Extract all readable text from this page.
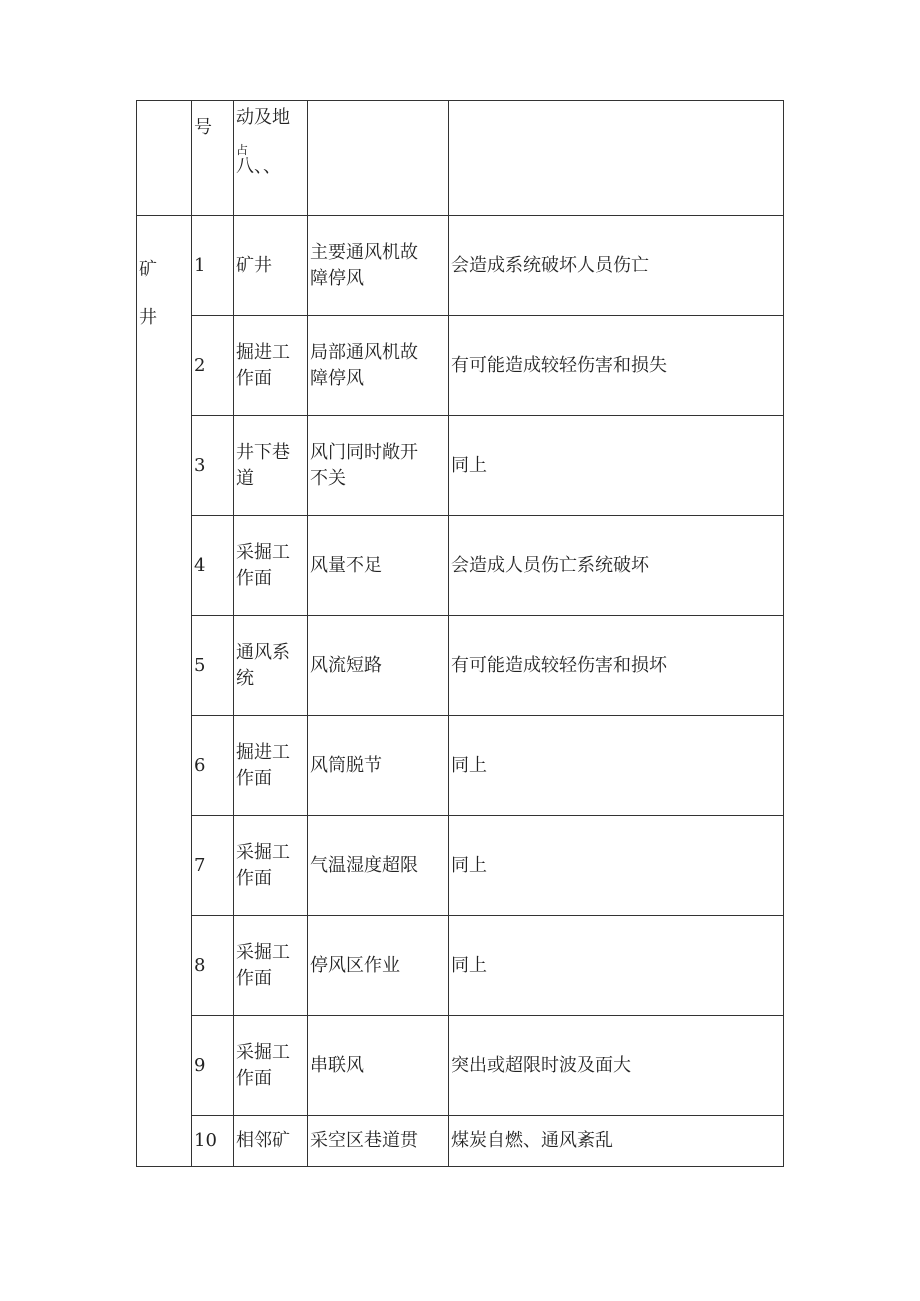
	号	动及地
占
八、、		

矿
井	1	矿井	主要通风机故
障停风	会造成系统破坏人员伤亡
	2	掘进工
作面	局部通风机故
障停风	有可能造成较轻伤害和损失
	3	井下巷
道	风门同时敞开
不关	同上
	4	采掘工
作面	风量不足	会造成人员伤亡系统破坏
	5	通风系
统	风流短路	有可能造成较轻伤害和损坏
	6	掘进工
作面	风筒脱节	同上
	7	采掘工
作面	气温湿度超限	同上
	8	采掘工
作面	停风区作业	同上
	9	采掘工
作面	串联风	突出或超限时波及面大
	10	相邻矿	采空区巷道贯	煤炭自燃、通风紊乱
